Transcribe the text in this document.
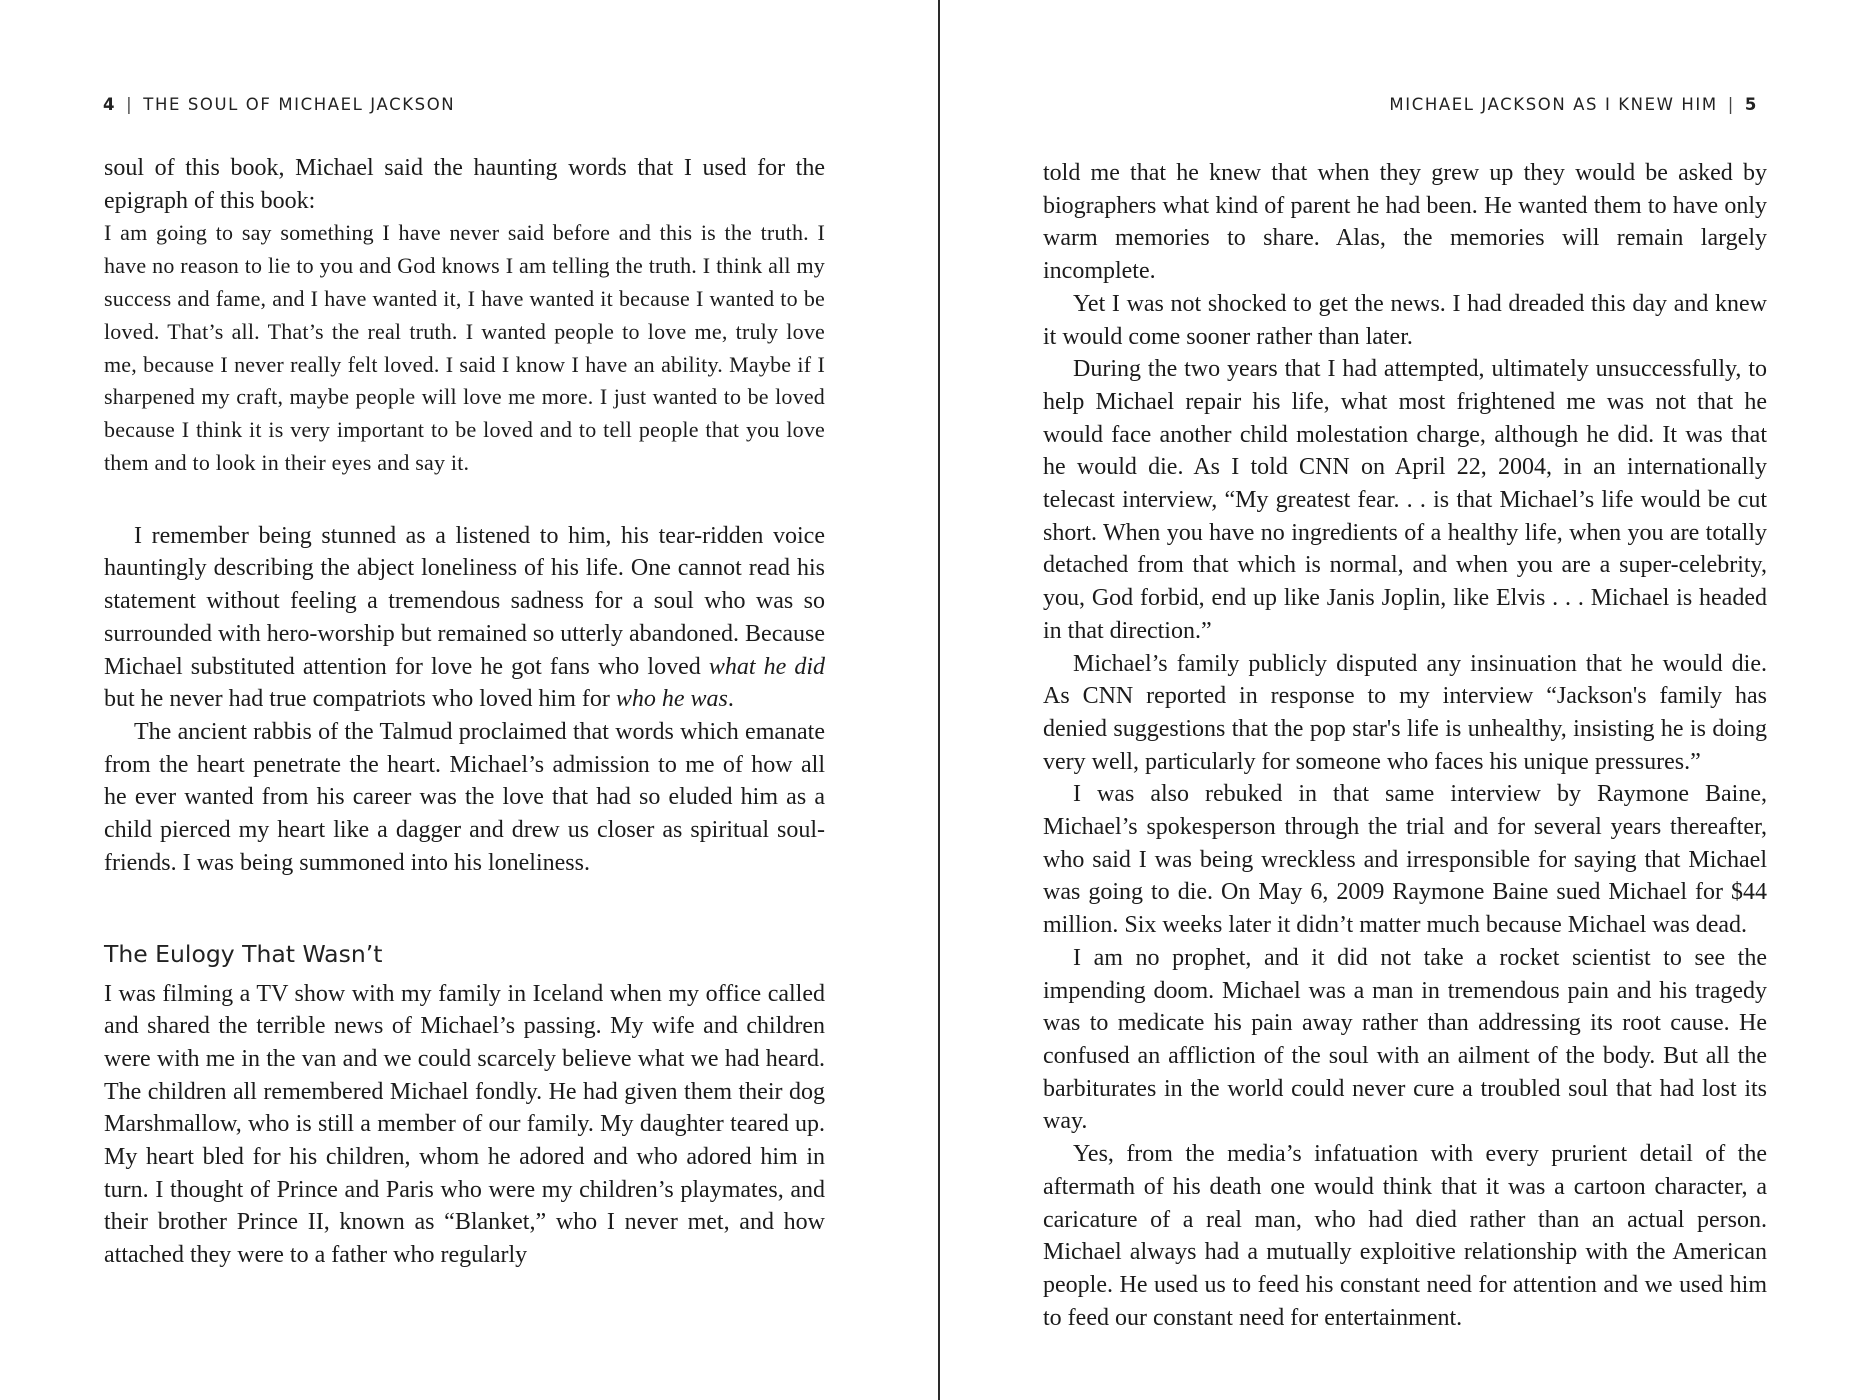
4 | THE SOUL OF MICHAEL JACKSON

soul of this book, Michael said the haunting words that I used for the epigraph of this book:

I am going to say something I have never said before and this is the truth. I have no reason to lie to you and God knows I am telling the truth. I think all my success and fame, and I have wanted it, I have wanted it because I wanted to be loved. That’s all. That’s the real truth. I wanted people to love me, truly love me, because I never really felt loved. I said I know I have an ability. Maybe if I sharpened my craft, maybe people will love me more. I just wanted to be loved because I think it is very important to be loved and to tell people that you love them and to look in their eyes and say it.

I remember being stunned as a listened to him, his tear-ridden voice hauntingly describing the abject loneliness of his life. One cannot read his statement without feeling a tremendous sadness for a soul who was so surrounded with hero-worship but remained so utterly abandoned. Because Michael substituted attention for love he got fans who loved what he did but he never had true compatriots who loved him for who he was.

The ancient rabbis of the Talmud proclaimed that words which emanate from the heart penetrate the heart. Michael’s admission to me of how all he ever wanted from his career was the love that had so eluded him as a child pierced my heart like a dagger and drew us closer as spiritual soul-friends. I was being summoned into his loneliness.

The Eulogy That Wasn’t

I was filming a TV show with my family in Iceland when my office called and shared the terrible news of Michael’s passing. My wife and children were with me in the van and we could scarcely believe what we had heard. The children all remembered Michael fondly. He had given them their dog Marshmallow, who is still a member of our family. My daughter teared up. My heart bled for his children, whom he adored and who adored him in turn. I thought of Prince and Paris who were my children’s playmates, and their brother Prince II, known as “Blanket,” who I never met, and how attached they were to a father who regularly

MICHAEL JACKSON AS I KNEW HIM | 5

told me that he knew that when they grew up they would be asked by biographers what kind of parent he had been. He wanted them to have only warm memories to share. Alas, the memories will remain largely incomplete.

Yet I was not shocked to get the news. I had dreaded this day and knew it would come sooner rather than later.

During the two years that I had attempted, ultimately unsuccessfully, to help Michael repair his life, what most frightened me was not that he would face another child molestation charge, although he did. It was that he would die. As I told CNN on April 22, 2004, in an internationally telecast interview, “My greatest fear. . . is that Michael’s life would be cut short. When you have no ingredients of a healthy life, when you are totally detached from that which is normal, and when you are a super-celebrity, you, God forbid, end up like Janis Joplin, like Elvis . . . Michael is headed in that direction.”

Michael’s family publicly disputed any insinuation that he would die. As CNN reported in response to my interview “Jackson's family has denied suggestions that the pop star's life is unhealthy, insisting he is doing very well, particularly for someone who faces his unique pressures.”

I was also rebuked in that same interview by Raymone Baine, Michael’s spokesperson through the trial and for several years thereafter, who said I was being wreckless and irresponsible for saying that Michael was going to die. On May 6, 2009 Raymone Baine sued Michael for $44 million. Six weeks later it didn’t matter much because Michael was dead.

I am no prophet, and it did not take a rocket scientist to see the impending doom. Michael was a man in tremendous pain and his tragedy was to medicate his pain away rather than addressing its root cause. He confused an affliction of the soul with an ailment of the body. But all the barbiturates in the world could never cure a troubled soul that had lost its way.

Yes, from the media’s infatuation with every prurient detail of the aftermath of his death one would think that it was a cartoon character, a caricature of a real man, who had died rather than an actual person. Michael always had a mutually exploitive relationship with the American people. He used us to feed his constant need for attention and we used him to feed our constant need for entertainment.
